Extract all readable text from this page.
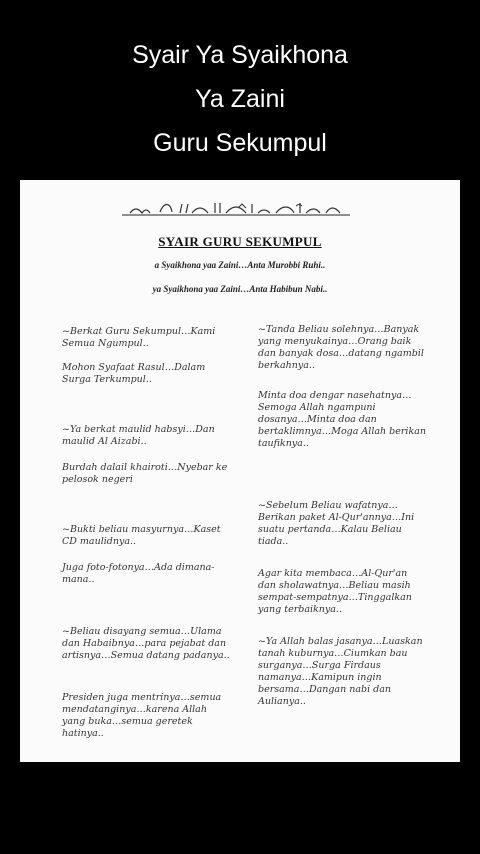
Syair Ya Syaikhona
Ya Zaini
Guru Sekumpul
SYAIR GURU SEKUMPUL
a Syaikhona yaa Zaini…Anta Murobbi Ruhi..
ya Syaikhona yaa Zaini…Anta Habibun Nabi..
~Berkat Guru Sekumpul…Kami Semua Ngumpul..
Mohon Syafaat Rasul…Dalam Surga Terkumpul..
~Ya berkat maulid habsyi…Dan maulid Al Aizabi..
Burdah dalail khairoti…Nyebar ke pelosok negeri
~Bukti beliau masyurnya…Kaset CD maulidnya..
Juga foto-fotonya…Ada dimana-mana..
~Beliau disayang semua…Ulama dan Habaibnya…para pejabat dan artisnya…Semua datang padanya..
Presiden juga mentrinya…semua mendatanginya…karena Allah yang buka…semua geretek hatinya..
~Tanda Beliau solehnya…Banyak yang menyukainya…Orang baik dan banyak dosa…datang ngambil berkahnya..
Minta doa dengar nasehatnya…Semoga Allah ngampuni dosanya…Minta doa dan bertaklimnya…Moga Allah berikan taufiknya..
~Sebelum Beliau wafatnya…Berikan paket Al-Qur'annya…Ini suatu pertanda…Kalau Beliau tiada..
Agar kita membaca…Al-Qur'an dan sholawatnya…Beliau masih sempat-sempatnya…Tinggalkan yang terbaiknya..
~Ya Allah balas jasanya…Luaskan tanah kuburnya…Ciumkan bau surganya…Surga Firdaus namanya…Kamipun ingin bersama…Dangan nabi dan Aulianya..
